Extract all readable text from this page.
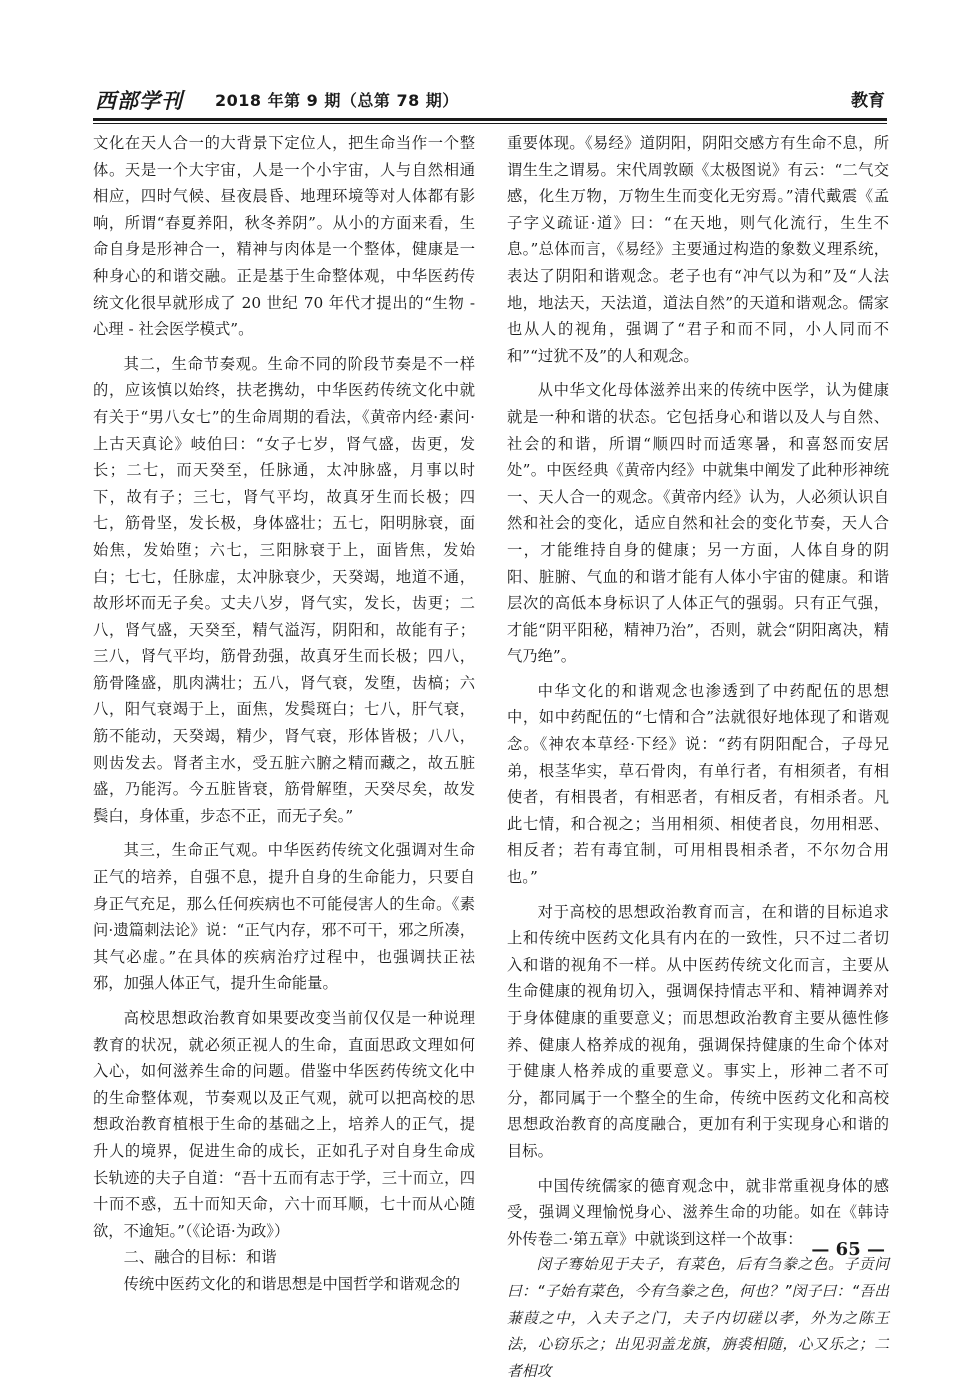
西部学刊	2018 年第 9 期（总第 78 期）	教育

文化在天人合一的大背景下定位人，把生命当作一个整体。天是一个大宇宙，人是一个小宇宙，人与自然相通相应，四时气候、昼夜晨昏、地理环境等对人体都有影响，所谓“春夏养阳，秋冬养阴”。从小的方面来看，生命自身是形神合一，精神与肉体是一个整体，健康是一种身心的和谐交融。正是基于生命整体观，中华医药传统文化很早就形成了 20 世纪 70 年代才提出的“生物 - 心理 - 社会医学模式”。

其二，生命节奏观。生命不同的阶段节奏是不一样的，应该慎以始终，扶老携幼，中华医药传统文化中就有关于“男八女七”的生命周期的看法，《黄帝内经·素问·上古天真论》岐伯曰：“女子七岁，肾气盛，齿更，发长；二七，而天癸至，任脉通，太冲脉盛，月事以时下，故有子；三七，肾气平均，故真牙生而长极；四七，筋骨坚，发长极，身体盛壮；五七，阳明脉衰，面始焦，发始堕；六七，三阳脉衰于上，面皆焦，发始白；七七，任脉虚，太冲脉衰少，天癸竭，地道不通，故形坏而无子矣。丈夫八岁，肾气实，发长，齿更；二八，肾气盛，天癸至，精气溢泻，阴阳和，故能有子；三八，肾气平均，筋骨劲强，故真牙生而长极；四八，筋骨隆盛，肌肉满壮；五八，肾气衰，发堕，齿槁；六八，阳气衰竭于上，面焦，发鬓斑白；七八，肝气衰，筋不能动，天癸竭，精少，肾气衰，形体皆极；八八，则齿发去。肾者主水，受五脏六腑之精而藏之，故五脏盛，乃能泻。今五脏皆衰，筋骨解堕，天癸尽矣，故发鬓白，身体重，步态不正，而无子矣。”

其三，生命正气观。中华医药传统文化强调对生命正气的培养，自强不息，提升自身的生命能力，只要自身正气充足，那么任何疾病也不可能侵害人的生命。《素问·遗篇刺法论》说：“正气内存，邪不可干，邪之所凑，其气必虚。”在具体的疾病治疗过程中，也强调扶正祛邪，加强人体正气，提升生命能量。

高校思想政治教育如果要改变当前仅仅是一种说理教育的状况，就必须正视人的生命，直面思政文理如何入心，如何滋养生命的问题。借鉴中华医药传统文化中的生命整体观，节奏观以及正气观，就可以把高校的思想政治教育植根于生命的基础之上，培养人的正气，提升人的境界，促进生命的成长，正如孔子对自身生命成长轨迹的夫子自道：“吾十五而有志于学，三十而立，四十而不惑，五十而知天命，六十而耳顺，七十而从心随欲，不逾矩。”（《论语·为政》）

二、融合的目标：和谐

传统中医药文化的和谐思想是中国哲学和谐观念的

重要体现。《易经》道阴阳，阴阳交感方有生命不息，所谓生生之谓易。宋代周敦颐《太极图说》有云：“二气交感，化生万物，万物生生而变化无穷焉。”清代戴震《孟子字义疏证·道》曰：“在天地，则气化流行，生生不息。”总体而言，《易经》主要通过构造的象数义理系统，表达了阴阳和谐观念。老子也有“冲气以为和”及“人法地，地法天，天法道，道法自然”的天道和谐观念。儒家也从人的视角，强调了“君子和而不同，小人同而不和”“过犹不及”的人和观念。

从中华文化母体滋养出来的传统中医学，认为健康就是一种和谐的状态。它包括身心和谐以及人与自然、社会的和谐，所谓“顺四时而适寒暑，和喜怒而安居处”。中医经典《黄帝内经》中就集中阐发了此种形神统一、天人合一的观念。《黄帝内经》认为，人必须认识自然和社会的变化，适应自然和社会的变化节奏，天人合一，才能维持自身的健康；另一方面，人体自身的阴阳、脏腑、气血的和谐才能有人体小宇宙的健康。和谐层次的高低本身标识了人体正气的强弱。只有正气强，才能“阴平阳秘，精神乃治”，否则，就会“阴阳离决，精气乃绝”。

中华文化的和谐观念也渗透到了中药配伍的思想中，如中药配伍的“七情和合”法就很好地体现了和谐观念。《神农本草经·下经》说：“药有阴阳配合，子母兄弟，根茎华实，草石骨肉，有单行者，有相须者，有相使者，有相畏者，有相恶者，有相反者，有相杀者。凡此七情，和合视之；当用相须、相使者良，勿用相恶、相反者；若有毒宜制，可用相畏相杀者，不尔勿合用也。”

对于高校的思想政治教育而言，在和谐的目标追求上和传统中医药文化具有内在的一致性，只不过二者切入和谐的视角不一样。从中医药传统文化而言，主要从生命健康的视角切入，强调保持情志平和、精神调养对于身体健康的重要意义；而思想政治教育主要从德性修养、健康人格养成的视角，强调保持健康的生命个体对于健康人格养成的重要意义。事实上，形神二者不可分，都同属于一个整全的生命，传统中医药文化和高校思想政治教育的高度融合，更加有利于实现身心和谐的目标。

中国传统儒家的德育观念中，就非常重视身体的感受，强调义理愉悦身心、滋养生命的功能。如在《韩诗外传卷二·第五章》中就谈到这样一个故事：

闵子骞始见于夫子，有菜色，后有刍豢之色。子贡问曰：“子始有菜色，今有刍豢之色，何也？”闵子曰：“吾出蒹葭之中，入夫子之门，夫子内切磋以孝，外为之陈王法，心窃乐之；出见羽盖龙旗，旃裘相随，心又乐之；二者相攻

— 65 —
